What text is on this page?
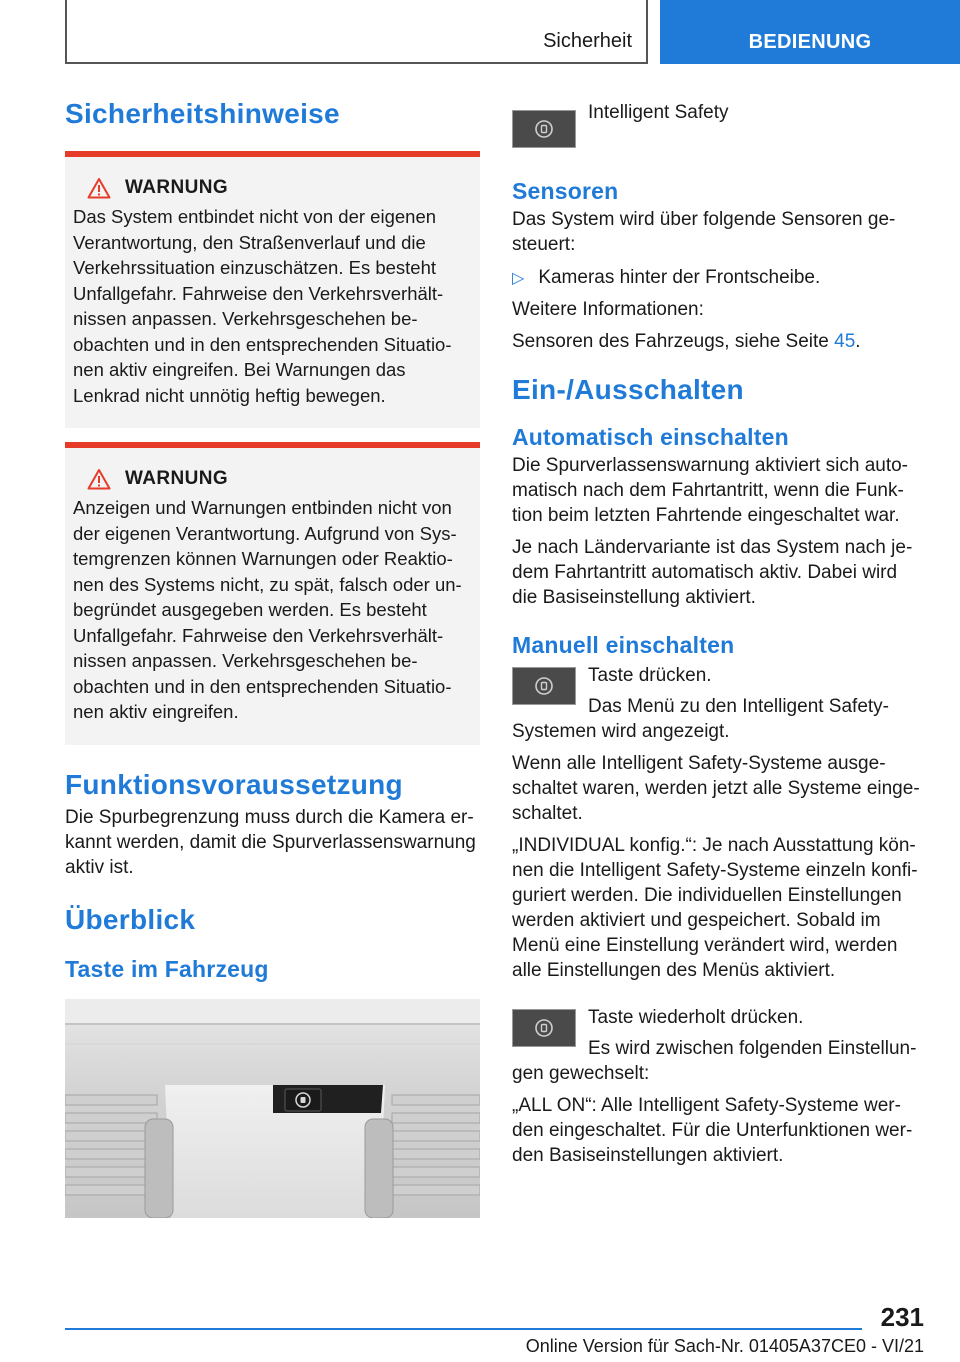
Sicherheit	BEDIENUNG
Sicherheitshinweise
WARNUNG
Das System entbindet nicht von der eigenen
Verantwortung, den Straßenverlauf und die
Verkehrssituation einzuschätzen. Es besteht
Unfallgefahr. Fahrweise den Verkehrsverhält-
nissen anpassen. Verkehrsgeschehen be-
obachten und in den entsprechenden Situatio-
nen aktiv eingreifen. Bei Warnungen das
Lenkrad nicht unnötig heftig bewegen.
WARNUNG
Anzeigen und Warnungen entbinden nicht von
der eigenen Verantwortung. Aufgrund von Sys-
temgrenzen können Warnungen oder Reaktio-
nen des Systems nicht, zu spät, falsch oder un-
begründet ausgegeben werden. Es besteht
Unfallgefahr. Fahrweise den Verkehrsverhält-
nissen anpassen. Verkehrsgeschehen be-
obachten und in den entsprechenden Situatio-
nen aktiv eingreifen.
Funktionsvoraussetzung

Die Spurbegrenzung muss durch die Kamera er-
kannt werden, damit die Spurverlassenswarnung
aktiv ist.

Überblick
Taste im Fahrzeug

Intelligent Safety

Sensoren

Das System wird über folgende Sensoren ge-
steuert:

▷ Kameras hinter der Frontscheibe.

Weitere Informationen:

Sensoren des Fahrzeugs, siehe Seite 45.

Ein-/Ausschalten
Automatisch einschalten

Die Spurverlassenswarnung aktiviert sich auto-
matisch nach dem Fahrtantritt, wenn die Funk-
tion beim letzten Fahrtende eingeschaltet war.

Je nach Ländervariante ist das System nach je-
dem Fahrtantritt automatisch aktiv. Dabei wird
die Basiseinstellung aktiviert.

Manuell einschalten

Taste drücken.

Das Menü zu den Intelligent Safety-

Systemen wird angezeigt.

Wenn alle Intelligent Safety-Systeme ausge-
schaltet waren, werden jetzt alle Systeme einge-
schaltet.

„INDIVIDUAL konfig.“: Je nach Ausstattung kön-
nen die Intelligent Safety-Systeme einzeln konfi-
guriert werden. Die individuellen Einstellungen
werden aktiviert und gespeichert. Sobald im
Menü eine Einstellung verändert wird, werden
alle Einstellungen des Menüs aktiviert.

Taste wiederholt drücken.

Es wird zwischen folgenden Einstellun-

gen gewechselt:

„ALL ON“: Alle Intelligent Safety-Systeme wer-
den eingeschaltet. Für die Unterfunktionen wer-
den Basiseinstellungen aktiviert.

231
Online Version für Sach-Nr. 01405A37CE0 - VI/21
